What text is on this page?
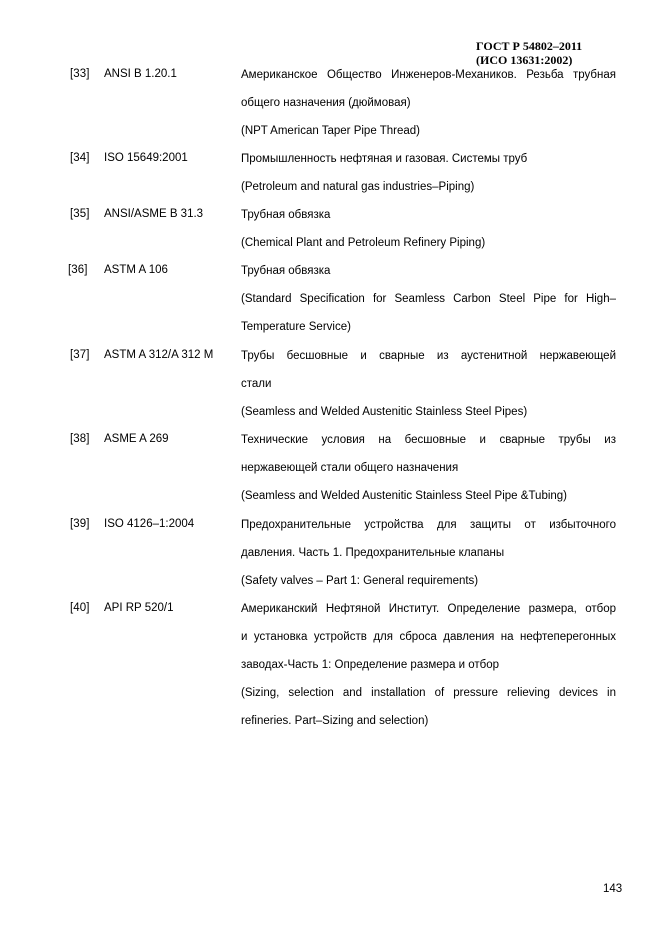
ГОСТ Р 54802–2011
(ИСО 13631:2002)
[33] ANSI B 1.20.1	Американское Общество Инженеров-Механиков. Резьба трубная
общего назначения (дюймовая)
(NPT American Taper Pipe Thread)
[34] ISO 15649:2001	Промышленность нефтяная и газовая. Системы труб
(Petroleum and natural gas industries–Piping)
[35] ANSI/ASME B 31.3	Трубная обвязка
(Chemical Plant and Petroleum Refinery Piping)
[36] ASTM A 106	Трубная обвязка
(Standard Specification for Seamless Carbon Steel Pipe for High–
Temperature Service)
[37] ASTM A 312/A 312 M Трубы бесшовные и сварные из аустенитной нержавеющей
стали
(Seamless and Welded Austenitic Stainless Steel Pipes)
[38] ASME A 269	Технические условия на бесшовные и сварные трубы из
нержавеющей стали общего назначения
(Seamless and Welded Austenitic Stainless Steel Pipe &Tubing)
[39] ISO 4126–1:2004	Предохранительные устройства для защиты от избыточного
давления. Часть 1. Предохранительные клапаны
(Safety valves – Part 1: General requirements)
[40] API RP 520/1	Американский Нефтяной Институт. Определение размера, отбор
и установка устройств для сброса давления на нефтеперегонных
заводах-Часть 1: Определение размера и отбор
(Sizing, selection and installation of pressure relieving devices in
refineries. Part–Sizing and selection)
143
